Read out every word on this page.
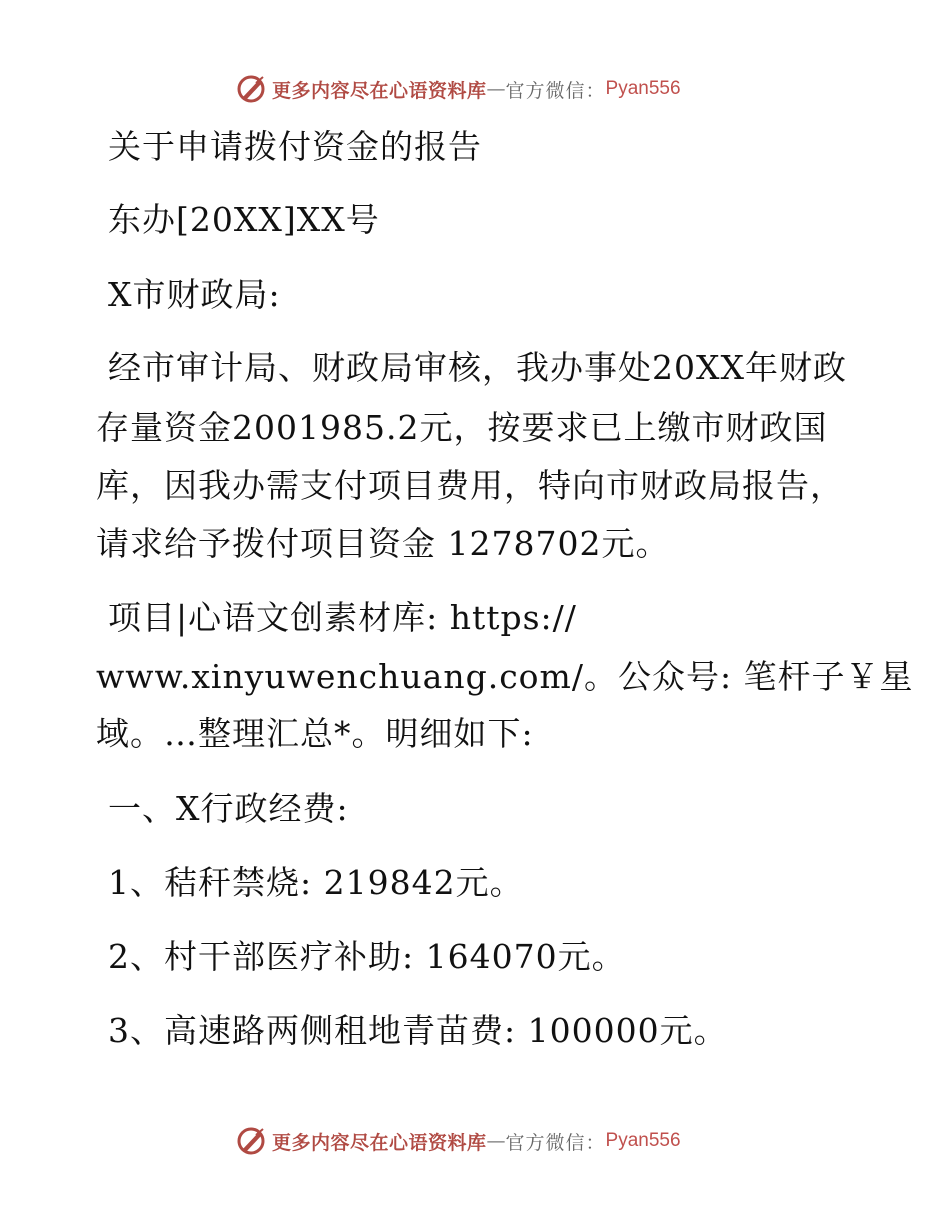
更多内容尽在心语资料库 — 官方微信： Pyan556
关于申请拨付资金的报告
东办[20XX]XX号
X市财政局:
经市审计局、财政局审核，我办事处20XX年财政
存量资金2001985.2元，按要求已上缴市财政国
库，因我办需支付项目费用，特向市财政局报告，
请求给予拨付项目资金 1278702元。
项目|心语文创素材库: https://
www.xinyuwenchuang.com/。公众号: 笔杆子￥星
域。…整理汇总*。明细如下:
一、X行政经费:
1、秸秆禁烧: 219842元。
2、村干部医疗补助: 164070元。
3、高速路两侧租地青苗费: 100000元。
更多内容尽在心语资料库 — 官方微信： Pyan556
